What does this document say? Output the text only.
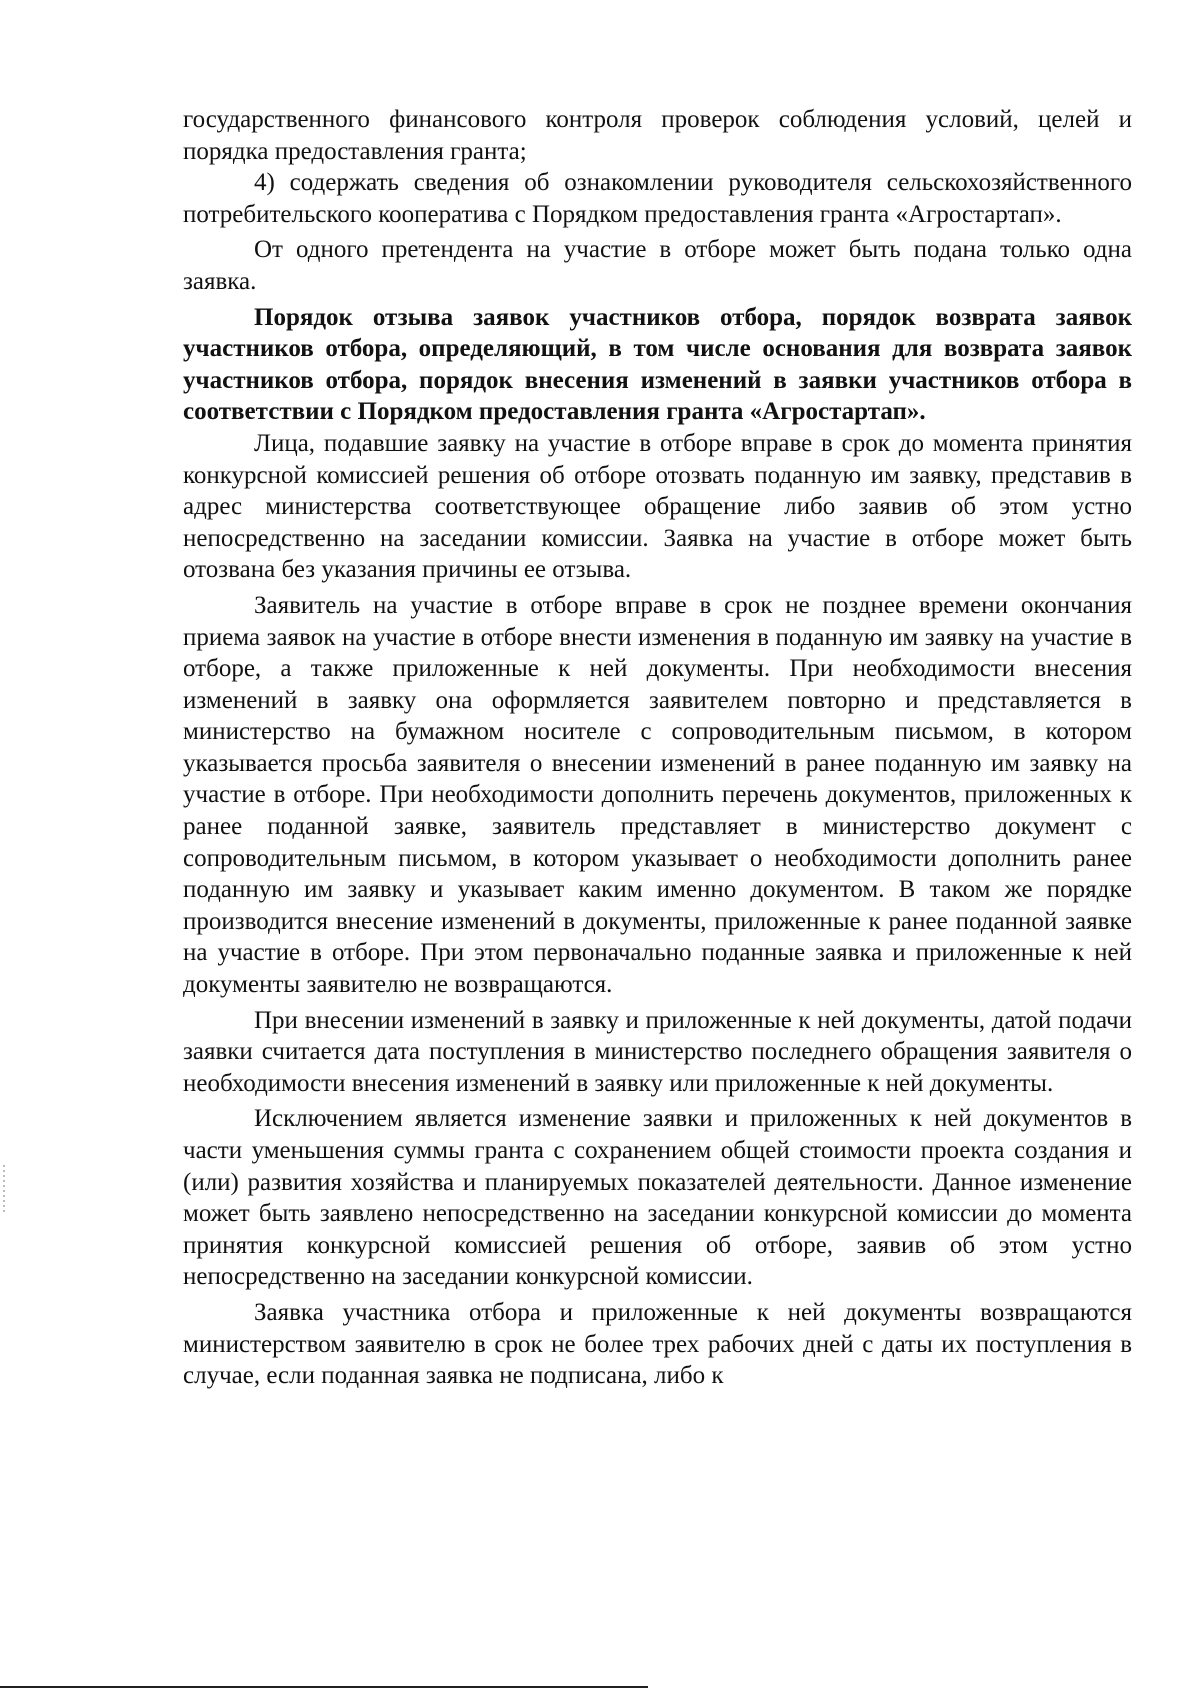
государственного финансового контроля проверок соблюдения условий, целей и порядка предоставления гранта;

4) содержать сведения об ознакомлении руководителя сельскохозяйственного потребительского кооператива с Порядком предоставления гранта «Агростартап».

От одного претендента на участие в отборе может быть подана только одна заявка.

Порядок отзыва заявок участников отбора, порядок возврата заявок участников отбора, определяющий, в том числе основания для возврата заявок участников отбора, порядок внесения изменений в заявки участников отбора в соответствии с Порядком предоставления гранта «Агростартап».

Лица, подавшие заявку на участие в отборе вправе в срок до момента принятия конкурсной комиссией решения об отборе отозвать поданную им заявку, представив в адрес министерства соответствующее обращение либо заявив об этом устно непосредственно на заседании комиссии. Заявка на участие в отборе может быть отозвана без указания причины ее отзыва.

Заявитель на участие в отборе вправе в срок не позднее времени окончания приема заявок на участие в отборе внести изменения в поданную им заявку на участие в отборе, а также приложенные к ней документы. При необходимости внесения изменений в заявку она оформляется заявителем повторно и представляется в министерство на бумажном носителе с сопроводительным письмом, в котором указывается просьба заявителя о внесении изменений в ранее поданную им заявку на участие в отборе. При необходимости дополнить перечень документов, приложенных к ранее поданной заявке, заявитель представляет в министерство документ с сопроводительным письмом, в котором указывает о необходимости дополнить ранее поданную им заявку и указывает каким именно документом. В таком же порядке производится внесение изменений в документы, приложенные к ранее поданной заявке на участие в отборе. При этом первоначально поданные заявка и приложенные к ней документы заявителю не возвращаются.

При внесении изменений в заявку и приложенные к ней документы, датой подачи заявки считается дата поступления в министерство последнего обращения заявителя о необходимости внесения изменений в заявку или приложенные к ней документы.

Исключением является изменение заявки и приложенных к ней документов в части уменьшения суммы гранта с сохранением общей стоимости проекта создания и (или) развития хозяйства и планируемых показателей деятельности. Данное изменение может быть заявлено непосредственно на заседании конкурсной комиссии до момента принятия конкурсной комиссией решения об отборе, заявив об этом устно непосредственно на заседании конкурсной комиссии.

Заявка участника отбора и приложенные к ней документы возвращаются министерством заявителю в срок не более трех рабочих дней с даты их поступления в случае, если поданная заявка не подписана, либо к
